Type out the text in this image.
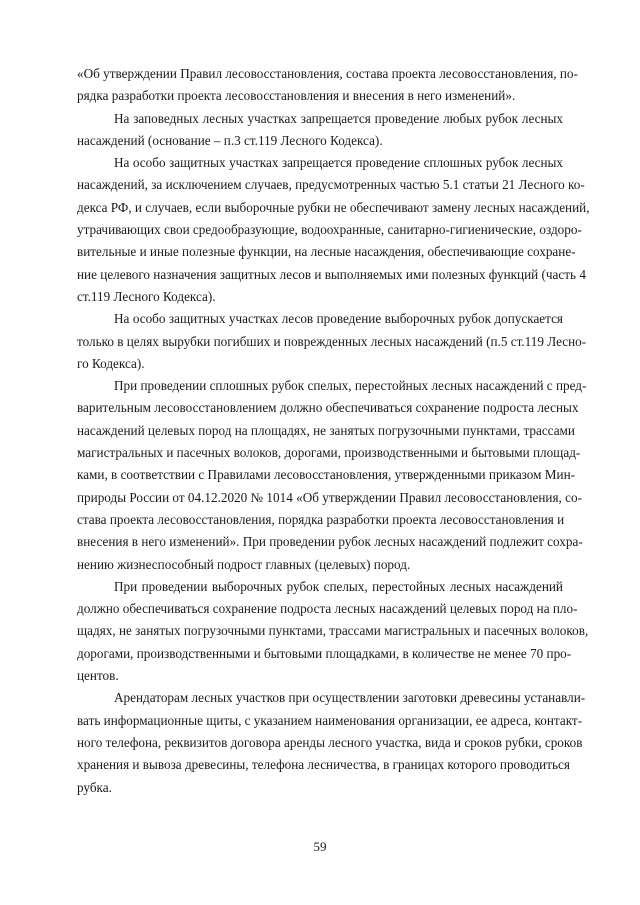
«Об утверждении Правил лесовосстановления, состава проекта лесовосстановления, по-
рядка разработки проекта лесовосстановления и внесения в него изменений».
На заповедных лесных участках запрещается проведение любых рубок лесных
насаждений (основание – п.3 ст.119 Лесного Кодекса).
На особо защитных участках запрещается проведение сплошных рубок лесных
насаждений, за исключением случаев, предусмотренных частью 5.1 статьи 21 Лесного ко-
декса РФ, и случаев, если выборочные рубки не обеспечивают замену лесных насаждений,
утрачивающих свои средообразующие, водоохранные, санитарно-гигиенические, оздоро-
вительные и иные полезные функции, на лесные насаждения, обеспечивающие сохране-
ние целевого назначения защитных лесов и выполняемых ими полезных функций (часть 4
ст.119 Лесного Кодекса).
На особо защитных участках лесов проведение выборочных рубок допускается
только в целях вырубки погибших и поврежденных лесных насаждений (п.5 ст.119 Лесно-
го Кодекса).
При проведении сплошных рубок спелых, перестойных лесных насаждений с пред-
варительным лесовосстановлением должно обеспечиваться сохранение подроста лесных
насаждений целевых пород на площадях, не занятых погрузочными пунктами, трассами
магистральных и пасечных волоков, дорогами, производственными и бытовыми площад-
ками, в соответствии с Правилами лесовосстановления, утвержденными приказом Мин-
природы России от 04.12.2020 № 1014 «Об утверждении Правил лесовосстановления, со-
става проекта лесовосстановления, порядка разработки проекта лесовосстановления и
внесения в него изменений». При проведении рубок лесных насаждений подлежит сохра-
нению жизнеспособный подрост главных (целевых) пород.
При проведении выборочных рубок спелых, перестойных лесных насаждений
должно обеспечиваться сохранение подроста лесных насаждений целевых пород на пло-
щадях, не занятых погрузочными пунктами, трассами магистральных и пасечных волоков,
дорогами, производственными и бытовыми площадками, в количестве не менее 70 про-
центов.
Арендаторам лесных участков при осуществлении заготовки древесины устанавли-
вать информационные щиты, с указанием наименования организации, ее адреса, контакт-
ного телефона, реквизитов договора аренды лесного участка, вида и сроков рубки, сроков
хранения и вывоза древесины, телефона лесничества, в границах которого проводиться
рубка.
59
